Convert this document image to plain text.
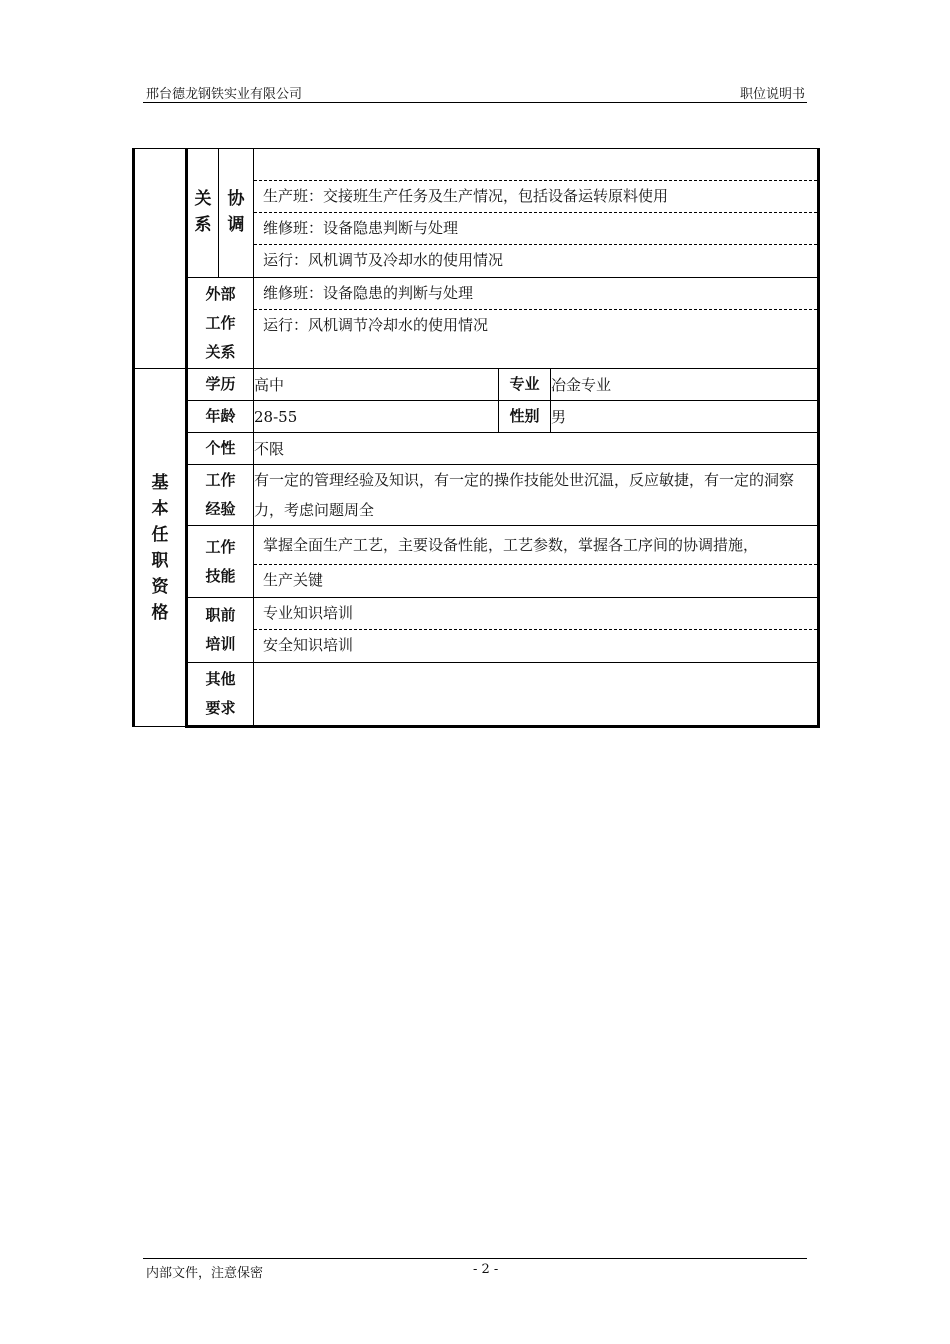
邢台德龙钢铁实业有限公司	职位说明书
	关系	协调	生产班：交接班生产任务及生产情况，包括设备运转原料使用
维修班：设备隐患判断与处理
运行：风机调节及冷却水的使用情况		

	外部工作关系		维修班：设备隐患的判断与处理
运行：风机调节冷却水的使用情况		

基本任职资格	学历		高中	专业	冶金专业
	年龄		28-55	性别	男
	个性		不限		

	工作经验		有一定的管理经验及知识，有一定的操作技能处世沉温，反应敏捷，有一定的洞察力，考虑问题周全		

	工作技能		掌握全面生产工艺，主要设备性能，工艺参数，掌握各工序间的协调措施，
生产关键		

	职前培训		专业知识培训
安全知识培训		

	其他要求				

内部文件，注意保密	- 2 -
